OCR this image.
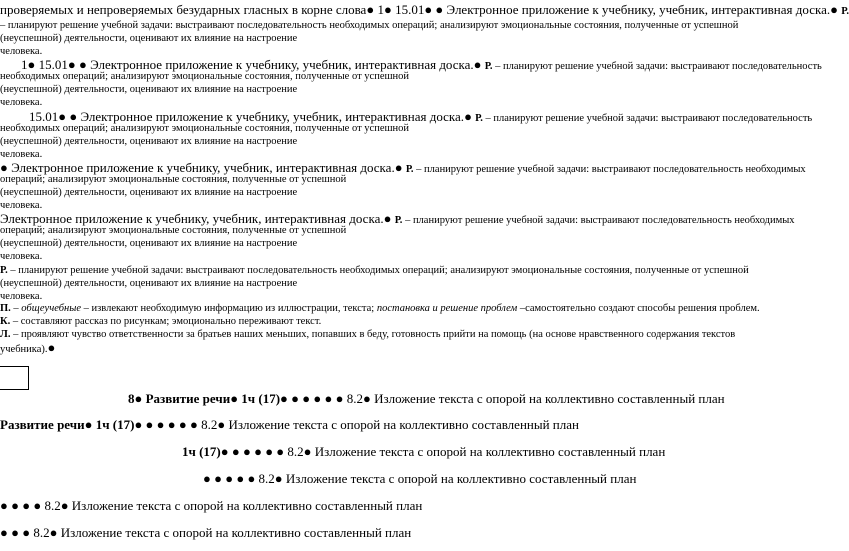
проверяемых и непроверяемых безударных гласных в корне слова● 1● 15.01● ● Электронное приложение к учебнику, учебник, интерактивная доска.● Р.
– планируют решение учебной задачи: выстраивают последовательность необходимых операций; анализируют эмоциональные состояния, полученные от успешной
(неуспешной) деятельности, оценивают их влияние на настроение
человека.
1● 15.01● ● Электронное приложение к учебнику, учебник, интерактивная доска.● Р. – планируют решение учебной задачи: выстраивают последовательность
необходимых операций; анализируют эмоциональные состояния, полученные от успешной
(неуспешной) деятельности, оценивают их влияние на настроение
человека.
15.01● ● Электронное приложение к учебнику, учебник, интерактивная доска.● Р. – планируют решение учебной задачи: выстраивают последовательность
необходимых операций; анализируют эмоциональные состояния, полученные от успешной
(неуспешной) деятельности, оценивают их влияние на настроение
человека.
● Электронное приложение к учебнику, учебник, интерактивная доска.● Р. – планируют решение учебной задачи: выстраивают последовательность необходимых
операций; анализируют эмоциональные состояния, полученные от успешной
(неуспешной) деятельности, оценивают их влияние на настроение
человека.
Электронное приложение к учебнику, учебник, интерактивная доска.● Р. – планируют решение учебной задачи: выстраивают последовательность необходимых
операций; анализируют эмоциональные состояния, полученные от успешной
(неуспешной) деятельности, оценивают их влияние на настроение
человека.
Р. – планируют решение учебной задачи: выстраивают последовательность необходимых операций; анализируют эмоциональные состояния, полученные от успешной
(неуспешной) деятельности, оценивают их влияние на настроение
человека.
П. – общеучебные – извлекают необходимую информацию из иллюстрации, текста; постановка и решение проблем –самостоятельно создают способы решения проблем.
К. – составляют рассказ по рисункам; эмоционально переживают текст.
Л. – проявляют чувство ответственности за братьев наших меньших, попавших в беду, готовность прийти на помощь (на основе нравственного содержания текстов
учебника).●
8● Развитие речи● 1ч (17)● ● ● ● ● ● 8.2● Изложение текста с опорой на коллективно составленный план
Развитие речи● 1ч (17)● ● ● ● ● ● 8.2● Изложение текста с опорой на коллективно составленный план
1ч (17)● ● ● ● ● ● 8.2● Изложение текста с опорой на коллективно составленный план
● ● ● ● ● 8.2● Изложение текста с опорой на коллективно составленный план
● ● ● ● 8.2● Изложение текста с опорой на коллективно составленный план
● ● ● 8.2● Изложение текста с опорой на коллективно составленный план
